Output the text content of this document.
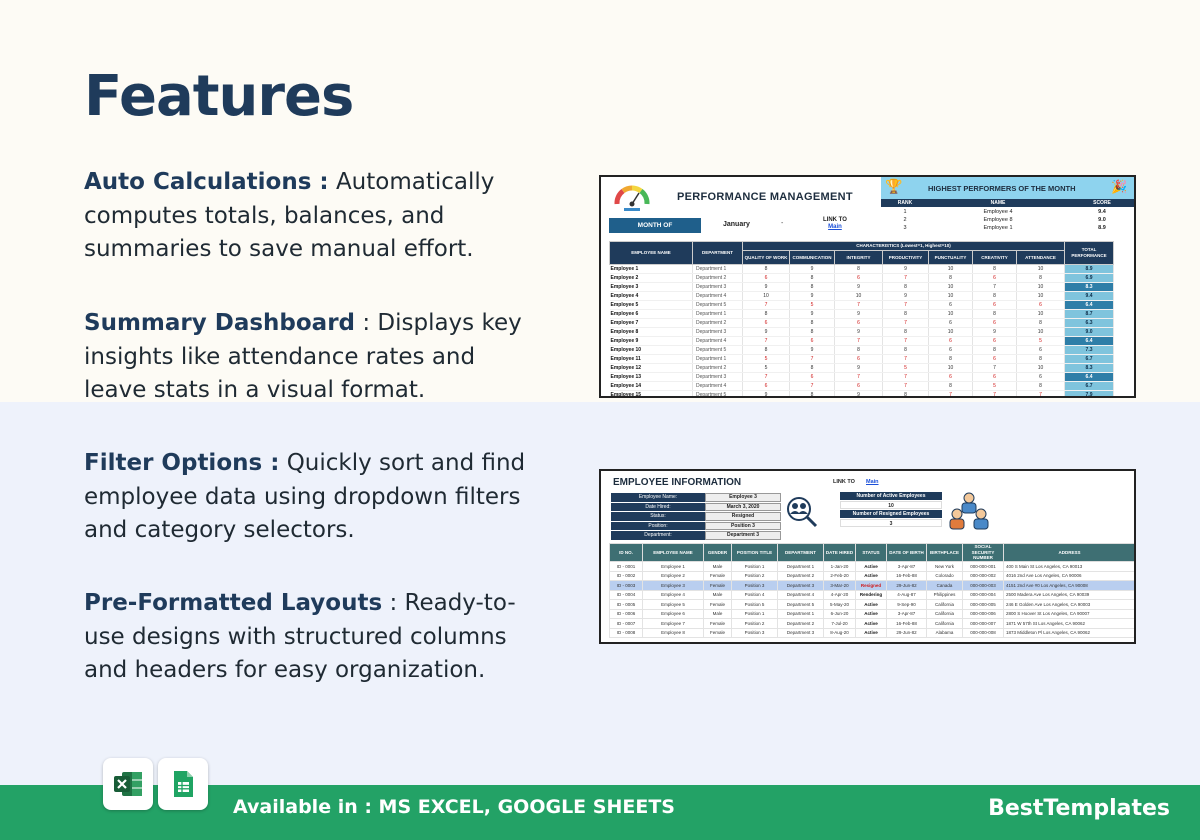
Features
Auto Calculations : Automatically computes totals, balances, and summaries to save manual effort.
Summary Dashboard : Displays key insights like attendance rates and leave stats in a visual format.
Filter Options : Quickly sort and find employee data using dropdown filters and category selectors.
Pre-Formatted Layouts : Ready-to-use designs with structured columns and headers for easy organization.
PERFORMANCE MANAGEMENT
MONTH OF	January	-	LINK TO
Main
🏆	HIGHEST PERFORMERS OF THE MONTH	🎉
RANK	NAME	SCORE
1	Employee 4	9.4
2	Employee 8	9.0
3	Employee 1	8.9
EMPLOYEE NAME	DEPARTMENT	CHARACTERISTICS (Lowest=1, Highest=10)							TOTAL PERFORMANCE
		QUALITY OF WORK	COMMUNICATION	INTEGRITY	PRODUCTIVITY	PUNCTUALITY	CREATIVITY	ATTENDANCE	
Employee 1	Department 1	8	9	8	9	10	8	10	8.9
Employee 2	Department 2	6	8	6	7	8	6	8	6.9
Employee 3	Department 3	9	8	9	8	10	7	10	8.3
Employee 4	Department 4	10	9	10	9	10	8	10	9.4
Employee 5	Department 5	7	5	7	7	6	6	6	6.4
Employee 6	Department 1	8	9	9	8	10	8	10	8.7
Employee 7	Department 2	6	8	6	7	6	6	8	6.3
Employee 8	Department 3	9	8	9	8	10	9	10	9.0
Employee 9	Department 4	7	6	7	7	6	6	5	6.4
Employee 10	Department 5	8	9	8	8	6	8	6	7.3
Employee 11	Department 1	5	7	6	7	8	6	8	6.7
Employee 12	Department 2	5	8	9	5	10	7	10	8.3
Employee 13	Department 3	7	6	7	7	6	6	6	6.4
Employee 14	Department 4	6	7	6	7	8	5	8	6.7
Employee 15	Department 5	9	8	9	8	7	7	7	7.9
EMPLOYEE INFORMATION	LINK TO Main
Employee Name:	Employee 3
Date Hired:	March 3, 2020
Status:	Resigned
Position:	Position 3
Department:	Department 3
Number of Active Employees
10
Number of Resigned Employees
3
ID NO.	EMPLOYEE NAME	GENDER	POSITION TITLE	DEPARTMENT	DATE HIRED	STATUS	DATE OF BIRTH	BIRTHPLACE	SOCIAL SECURITY NUMBER	ADDRESS
ID - 0001	Employee 1	Male	Position 1	Department 1	1-Jan-20	Active	3-Apr-87	New York	000-000-001	400 S Main St Los Angeles, CA 90013
ID - 0002	Employee 2	Female	Position 2	Department 2	2-Feb-20	Active	16-Feb-88	Colorado	000-000-002	4016 2nd Ave Los Angeles, CA 90006
ID - 0003	Employee 3	Female	Position 3	Department 3	3-Mar-20	Resigned	29-Jun-82	Canada	000-000-003	4151 2nd Ave #0 Los Angeles, CA 90008
ID - 0004	Employee 4	Male	Position 4	Department 4	4-Apr-20	Rendering	4-Aug-87	Philippines	000-000-004	2500 Madera Ave Los Angeles, CA 90039
ID - 0005	Employee 5	Female	Position 5	Department 5	5-May-20	Active	9-Sep-90	California	000-000-005	246 E Golden Ave Los Angeles, CA 90003
ID - 0006	Employee 6	Male	Position 1	Department 1	6-Jun-20	Active	3-Apr-87	California	000-000-006	2800 S Hoover St Los Angeles, CA 90007
ID - 0007	Employee 7	Female	Position 2	Department 2	7-Jul-20	Active	16-Feb-88	California	000-000-007	1871 W 57th St Los Angeles, CA 90062
ID - 0008	Employee 8	Female	Position 3	Department 3	8-Aug-20	Active	29-Jun-82	Alabama	000-000-008	1873 Middleton Pl Los Angeles, CA 90062
Available in : MS EXCEL, GOOGLE SHEETS	BestTemplates
